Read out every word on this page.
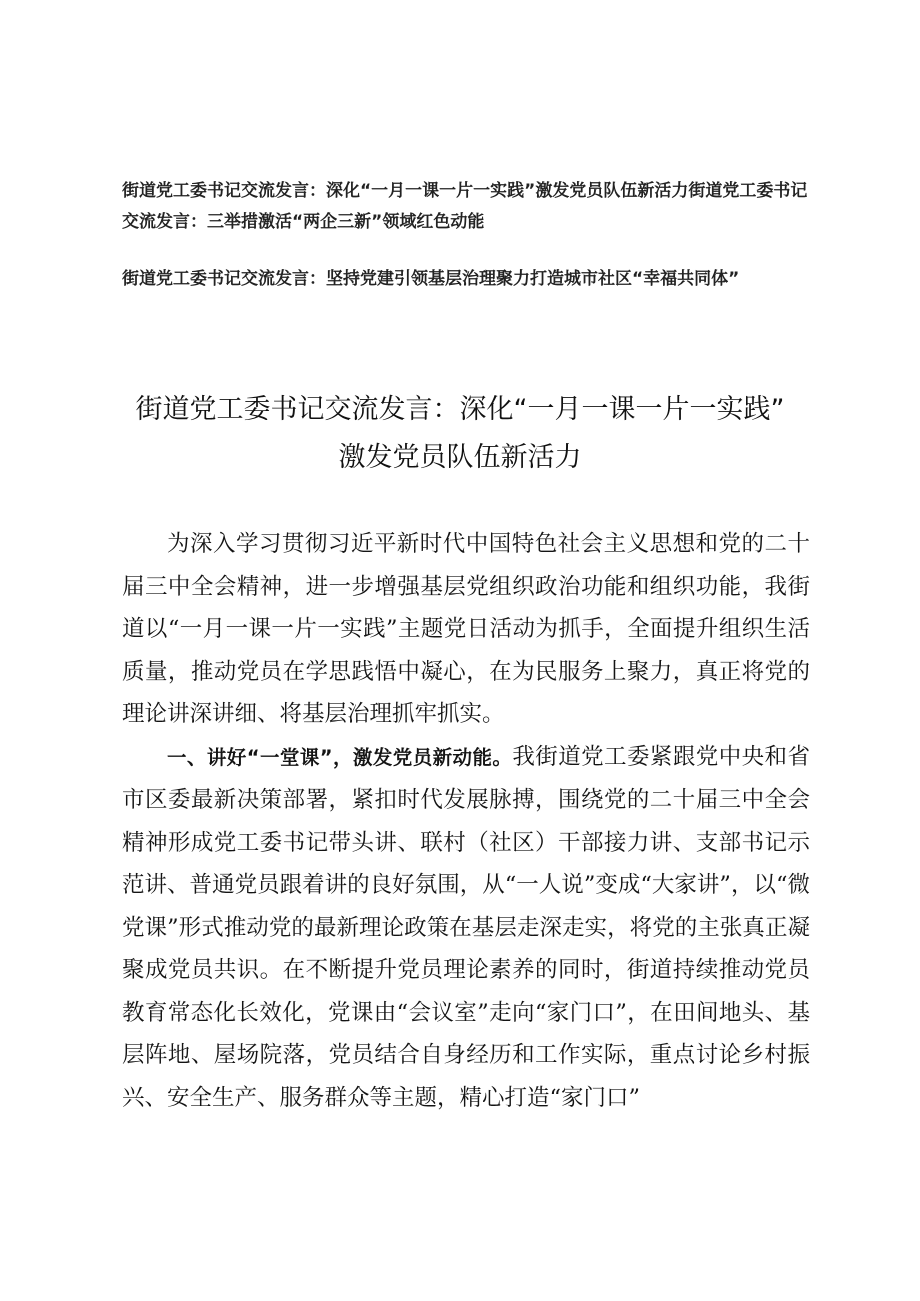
街道党工委书记交流发言：深化“一月一课一片一实践”激发党员队伍新活力街道党工委书记交流发言：三举措激活“两企三新”领域红色动能

街道党工委书记交流发言：坚持党建引领基层治理聚力打造城市社区“幸福共同体”

街道党工委书记交流发言：深化“一月一课一片一实践”
激发党员队伍新活力

为深入学习贯彻习近平新时代中国特色社会主义思想和党的二十届三中全会精神，进一步增强基层党组织政治功能和组织功能，我街道以“一月一课一片一实践”主题党日活动为抓手，全面提升组织生活质量，推动党员在学思践悟中凝心，在为民服务上聚力，真正将党的理论讲深讲细、将基层治理抓牢抓实。

一、讲好“一堂课”，激发党员新动能。我街道党工委紧跟党中央和省市区委最新决策部署，紧扣时代发展脉搏，围绕党的二十届三中全会精神形成党工委书记带头讲、联村（社区）干部接力讲、支部书记示范讲、普通党员跟着讲的良好氛围，从“一人说”变成“大家讲”，以“微党课”形式推动党的最新理论政策在基层走深走实，将党的主张真正凝聚成党员共识。在不断提升党员理论素养的同时，街道持续推动党员教育常态化长效化，党课由“会议室”走向“家门口”，在田间地头、基层阵地、屋场院落，党员结合自身经历和工作实际，重点讨论乡村振兴、安全生产、服务群众等主题，精心打造“家门口”
